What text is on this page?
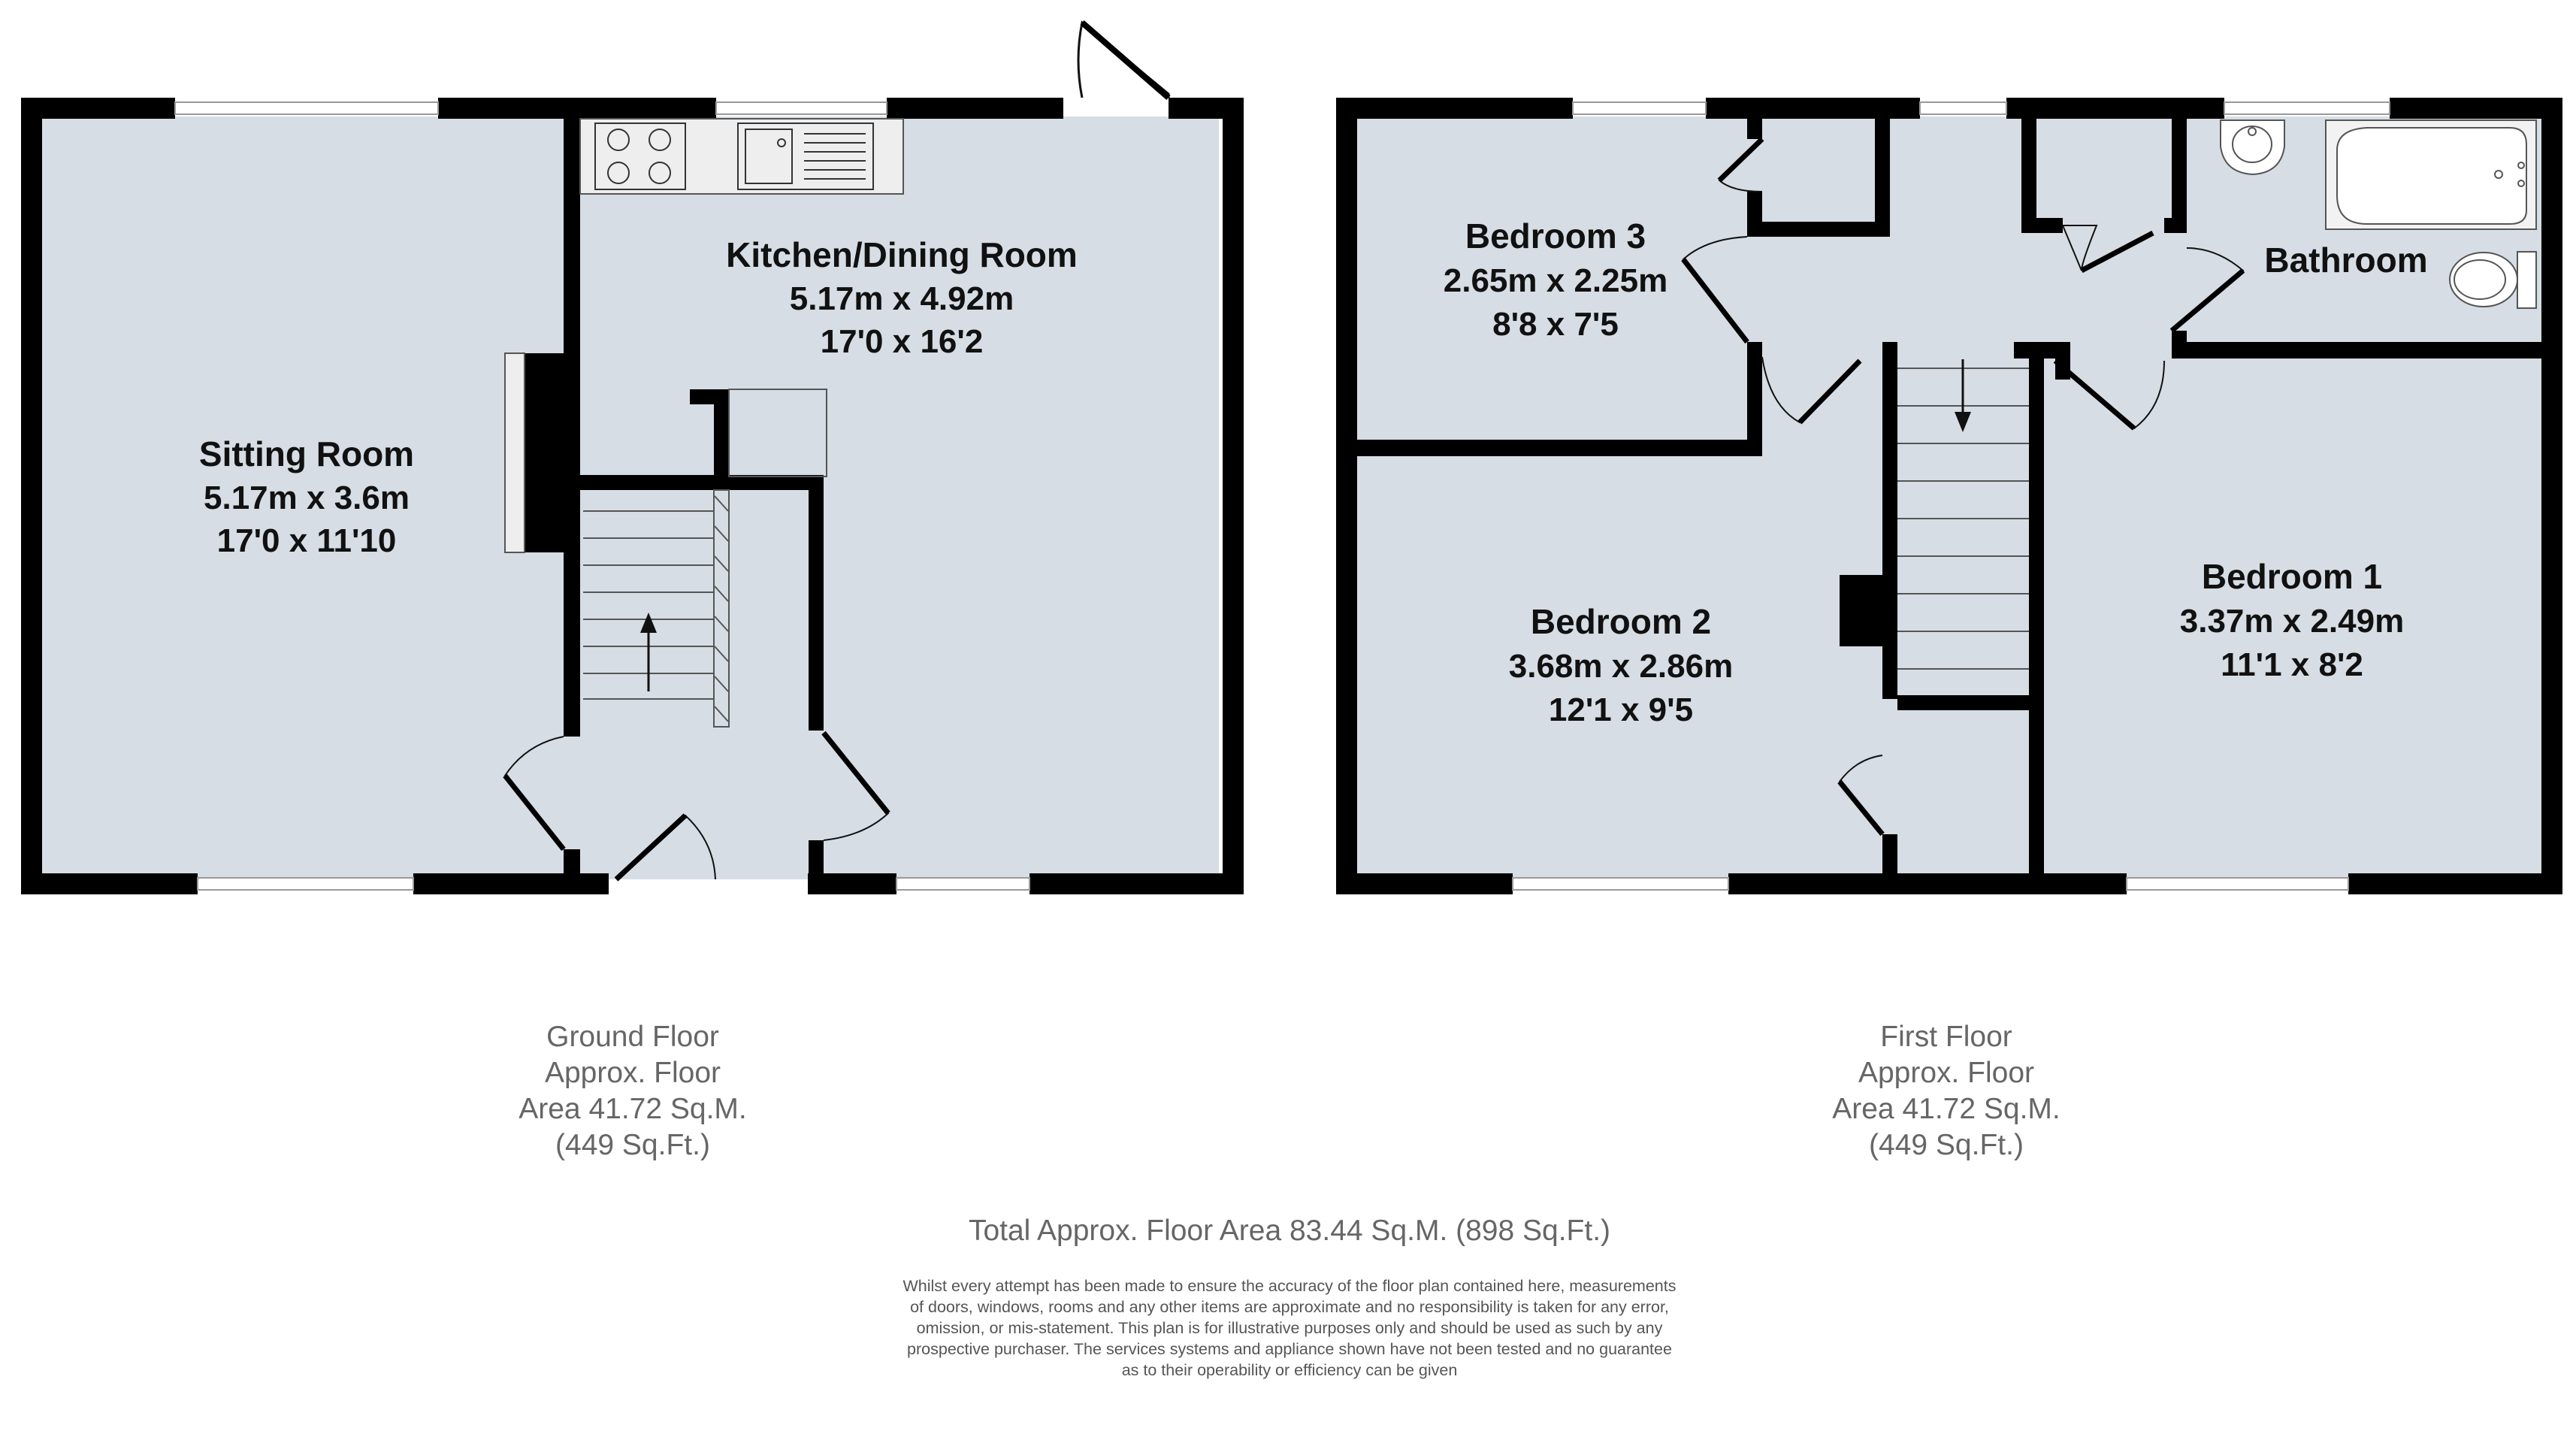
Sitting Room
5.17m x 3.6m
17'0 x 11'10
Kitchen/Dining Room
5.17m x 4.92m
17'0 x 16'2
Bedroom 3
2.65m x 2.25m
8'8 x 7'5
Bathroom
Bedroom 2
3.68m x 2.86m
12'1 x 9'5
Bedroom 1
3.37m x 2.49m
11'1 x 8'2
Ground Floor
Approx. Floor
Area 41.72 Sq.M.
(449 Sq.Ft.)
First Floor
Approx. Floor
Area 41.72 Sq.M.
(449 Sq.Ft.)
Total Approx. Floor Area 83.44 Sq.M. (898 Sq.Ft.)
Whilst every attempt has been made to ensure the accuracy of the floor plan contained here, measurements
of doors, windows, rooms and any other items are approximate and no responsibility is taken for any error,
omission, or mis-statement. This plan is for illustrative purposes only and should be used as such by any
prospective purchaser. The services systems and appliance shown have not been tested and no guarantee
as to their operability or efficiency can be given
